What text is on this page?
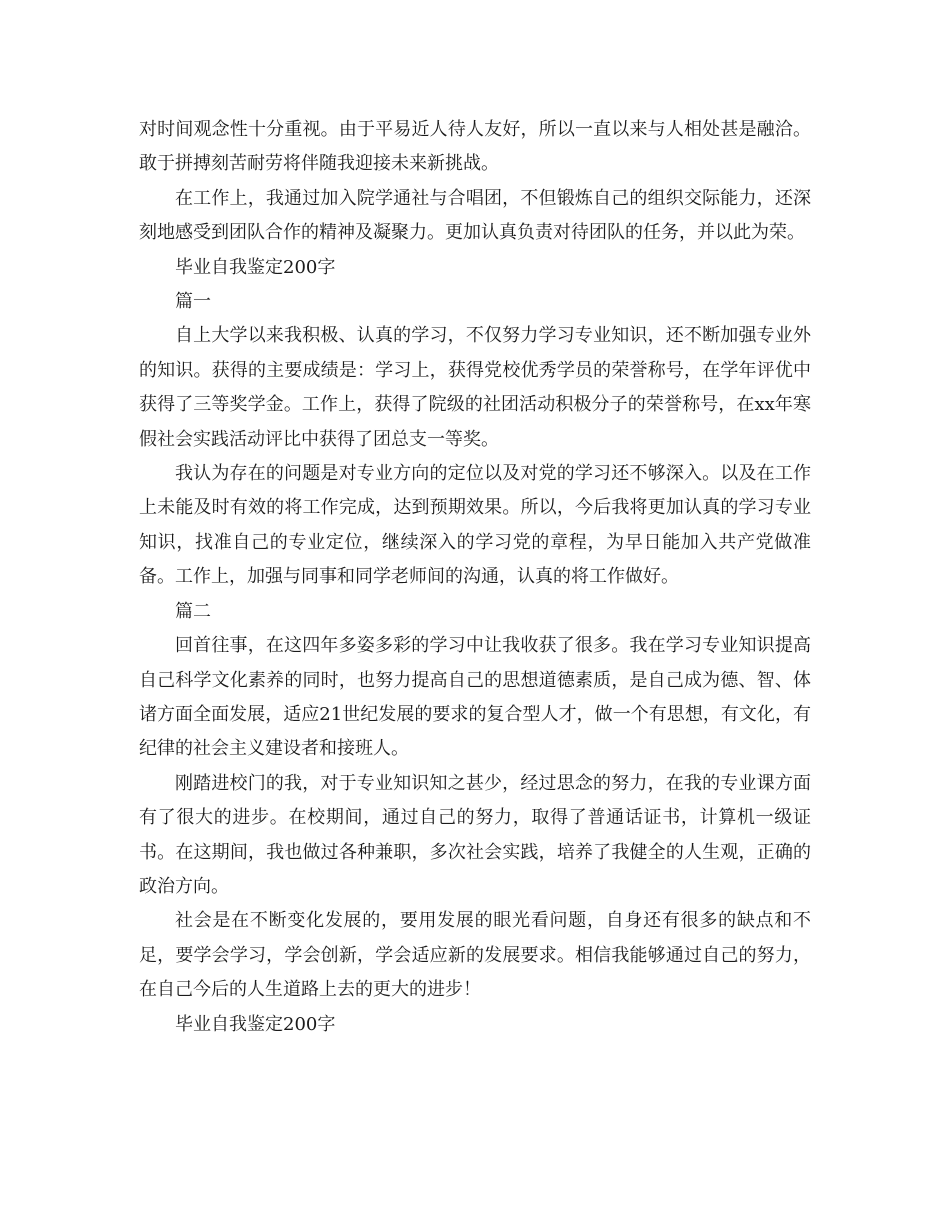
对时间观念性十分重视。由于平易近人待人友好，所以一直以来与人相处甚是融洽。敢于拼搏刻苦耐劳将伴随我迎接未来新挑战。

在工作上，我通过加入院学通社与合唱团，不但锻炼自己的组织交际能力，还深刻地感受到团队合作的精神及凝聚力。更加认真负责对待团队的任务，并以此为荣。

毕业自我鉴定200字

篇一

自上大学以来我积极、认真的学习，不仅努力学习专业知识，还不断加强专业外的知识。获得的主要成绩是：学习上，获得党校优秀学员的荣誉称号，在学年评优中获得了三等奖学金。工作上，获得了院级的社团活动积极分子的荣誉称号，在xx年寒假社会实践活动评比中获得了团总支一等奖。

我认为存在的问题是对专业方向的定位以及对党的学习还不够深入。以及在工作上未能及时有效的将工作完成，达到预期效果。所以，今后我将更加认真的学习专业知识，找准自己的专业定位，继续深入的学习党的章程，为早日能加入共产党做准备。工作上，加强与同事和同学老师间的沟通，认真的将工作做好。

篇二

回首往事，在这四年多姿多彩的学习中让我收获了很多。我在学习专业知识提高自己科学文化素养的同时，也努力提高自己的思想道德素质，是自己成为德、智、体诸方面全面发展，适应21世纪发展的要求的复合型人才，做一个有思想，有文化，有纪律的社会主义建设者和接班人。

刚踏进校门的我，对于专业知识知之甚少，经过思念的努力，在我的专业课方面有了很大的进步。在校期间，通过自己的努力，取得了普通话证书，计算机一级证书。在这期间，我也做过各种兼职，多次社会实践，培养了我健全的人生观，正确的政治方向。

社会是在不断变化发展的，要用发展的眼光看问题，自身还有很多的缺点和不足，要学会学习，学会创新，学会适应新的发展要求。相信我能够通过自己的努力，在自己今后的人生道路上去的更大的进步！

毕业自我鉴定200字
